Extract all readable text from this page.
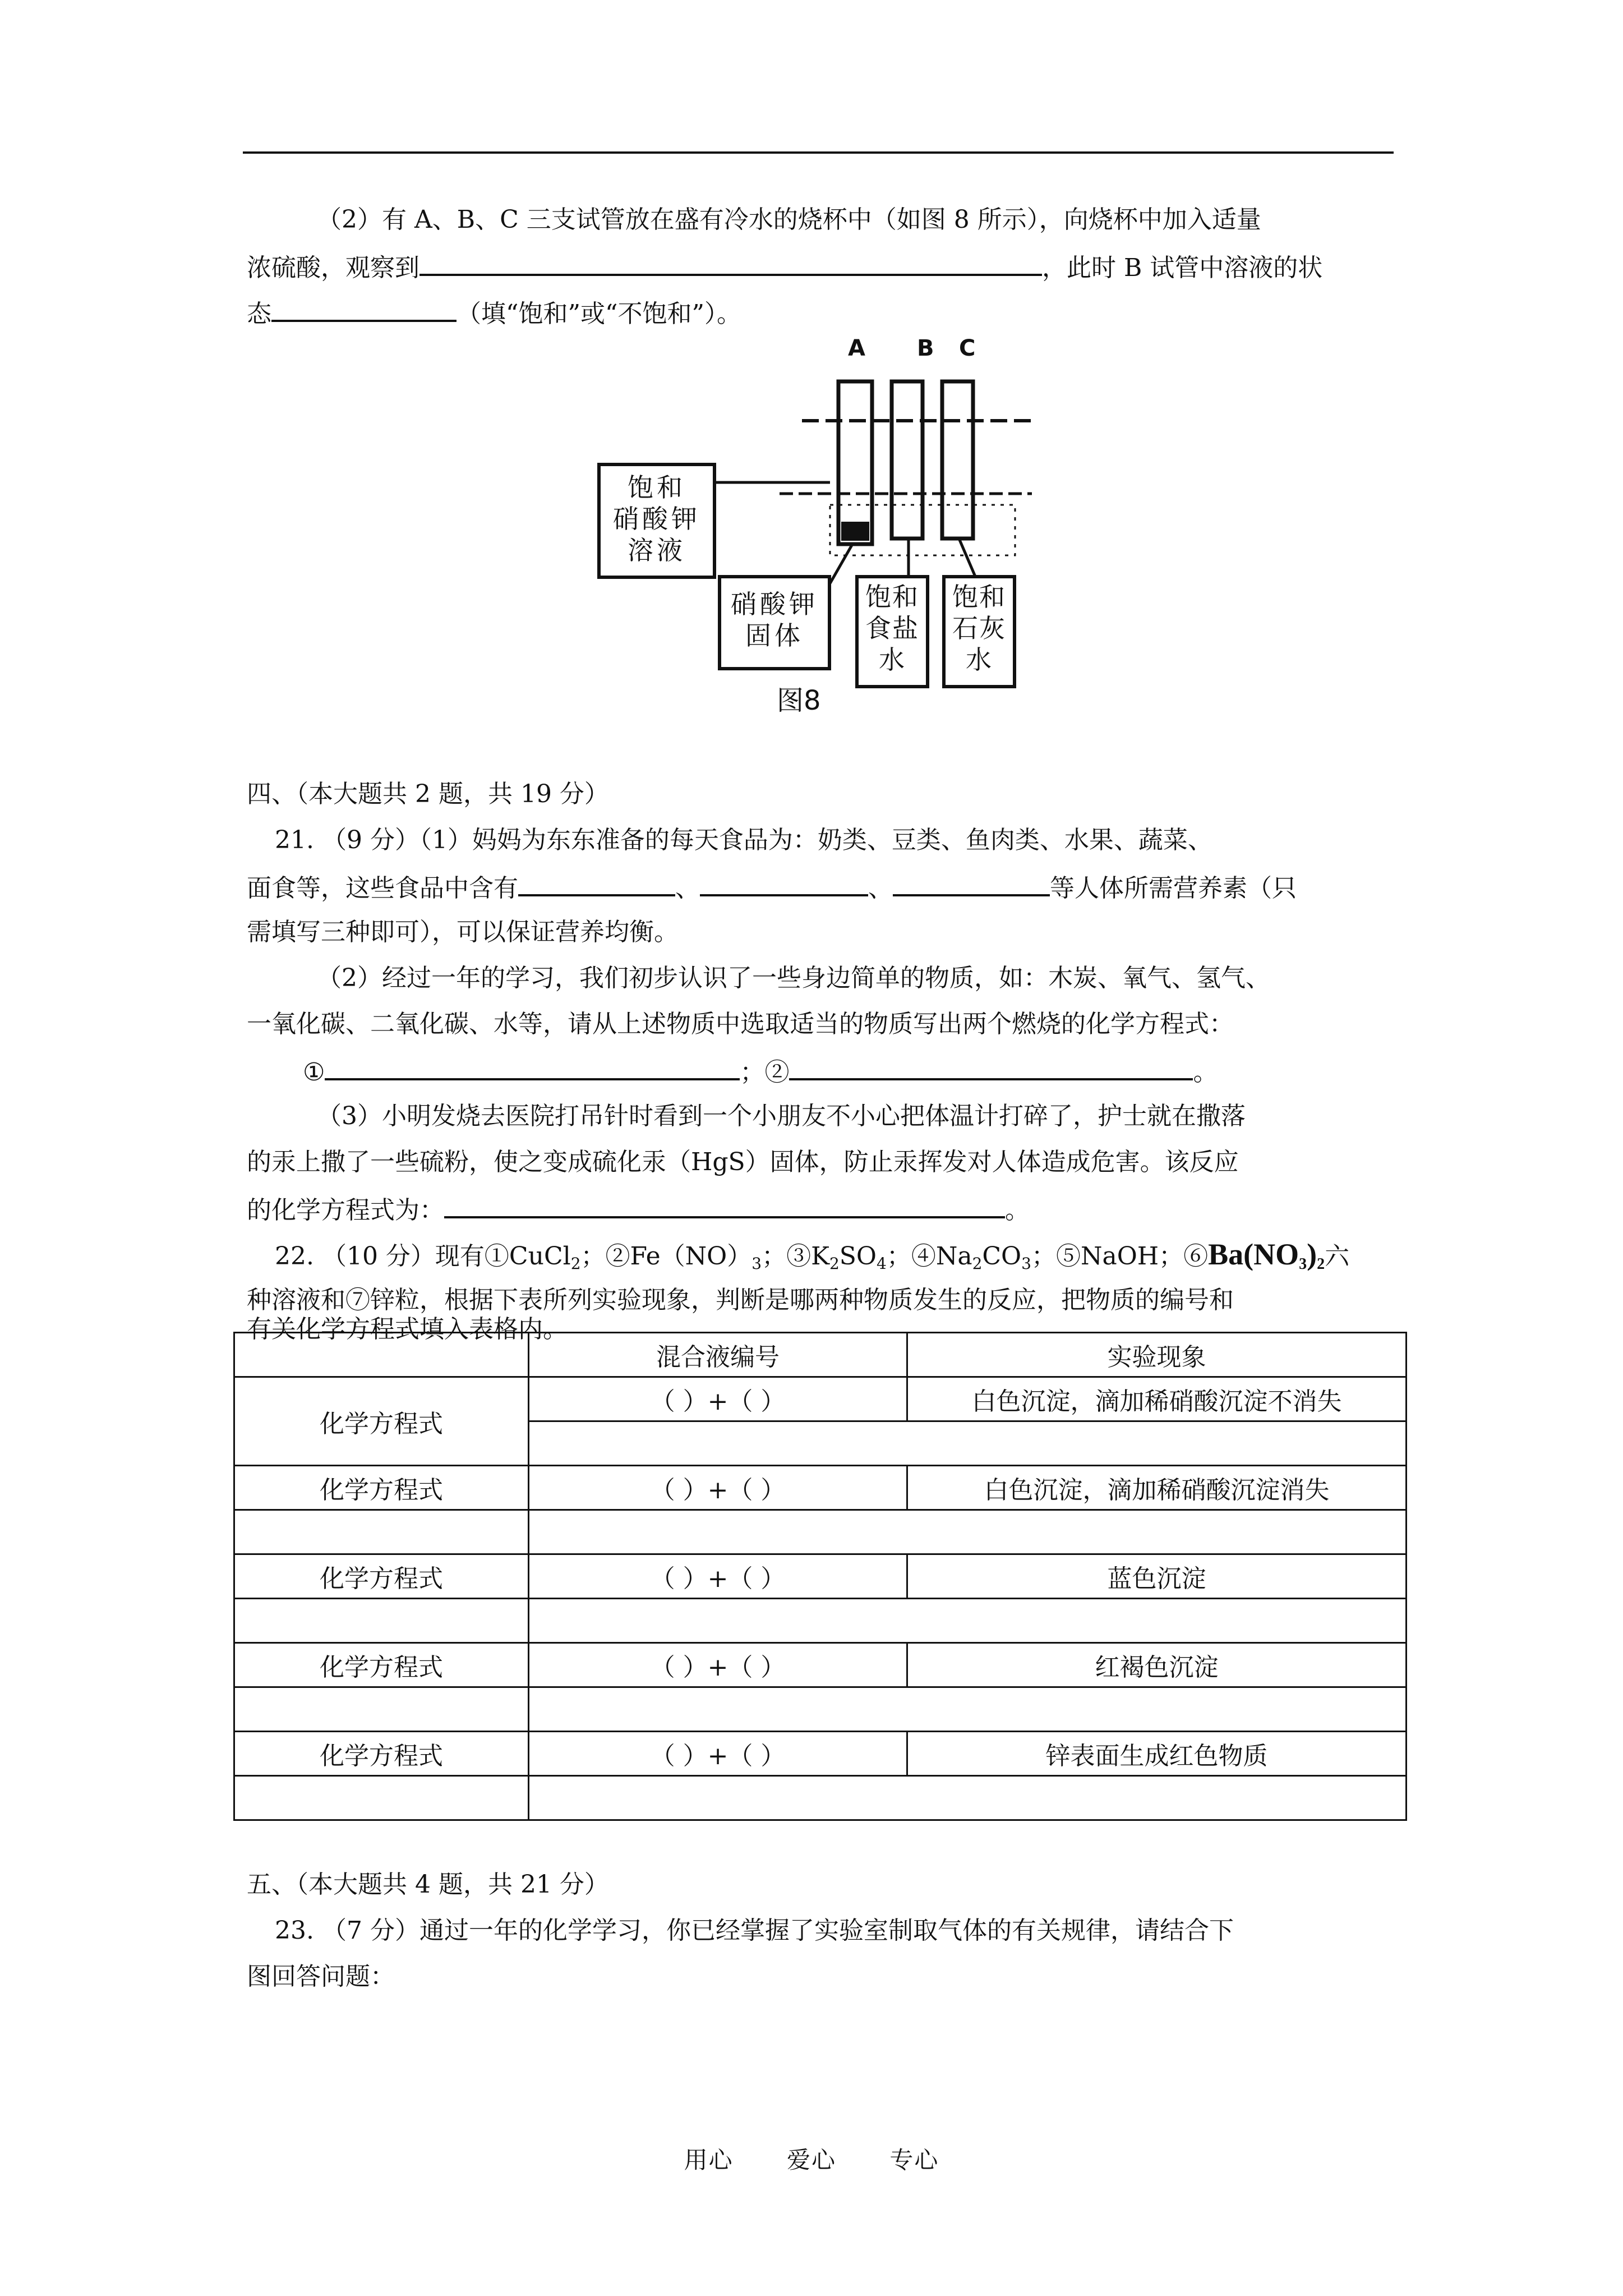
（2）有 A、B、C 三支试管放在盛有冷水的烧杯中（如图 8 所示），向烧杯中加入适量
浓硫酸，观察到	，此时 B 试管中溶液的状
态	（填“饱和”或“不饱和”）。
A B C
饱和
硝酸钾
溶液
硝酸钾
固体
饱和
食盐
水
饱和
石灰
水
图8
四、（本大题共 2 题，共 19 分）
21. （9 分）（1）妈妈为东东准备的每天食品为：奶类、豆类、鱼肉类、水果、蔬菜、
面食等，这些食品中含有	、	、	等人体所需营养素（只
需填写三种即可），可以保证营养均衡。
（2）经过一年的学习，我们初步认识了一些身边简单的物质，如：木炭、氧气、氢气、
一氧化碳、二氧化碳、水等，请从上述物质中选取适当的物质写出两个燃烧的化学方程式：
①	；②	。
（3）小明发烧去医院打吊针时看到一个小朋友不小心把体温计打碎了，护士就在撒落
的汞上撒了一些硫粉，使之变成硫化汞（HgS）固体，防止汞挥发对人体造成危害。该反应
的化学方程式为：	。
22. （10 分）现有①CuCl$_2$；$②Fe(NO)_3$；$③K_2SO_4$；$④Na_2CO_3$；⑤NaOH；$⑥Ba(NO_3)_2$六
种溶液和⑦锌粒，根据下表所列实验现象，判断是哪两种物质发生的反应，把物质的编号和
有关化学方程式填入表格内。
	混合液编号	实验现象
化学方程式	（ ）+（ ）	白色沉淀，滴加稀硝酸沉淀不消失

化学方程式	（ ）+（ ）	白色沉淀，滴加稀硝酸沉淀消失

化学方程式	（ ）+（ ）	蓝色沉淀

化学方程式	（ ）+（ ）	红褐色沉淀

化学方程式	（ ）+（ ）	锌表面生成红色物质

五、（本大题共 4 题，共 21 分）
23. （7 分）通过一年的化学学习，你已经掌握了实验室制取气体的有关规律，请结合下
图回答问题：
用心 爱心 专心
